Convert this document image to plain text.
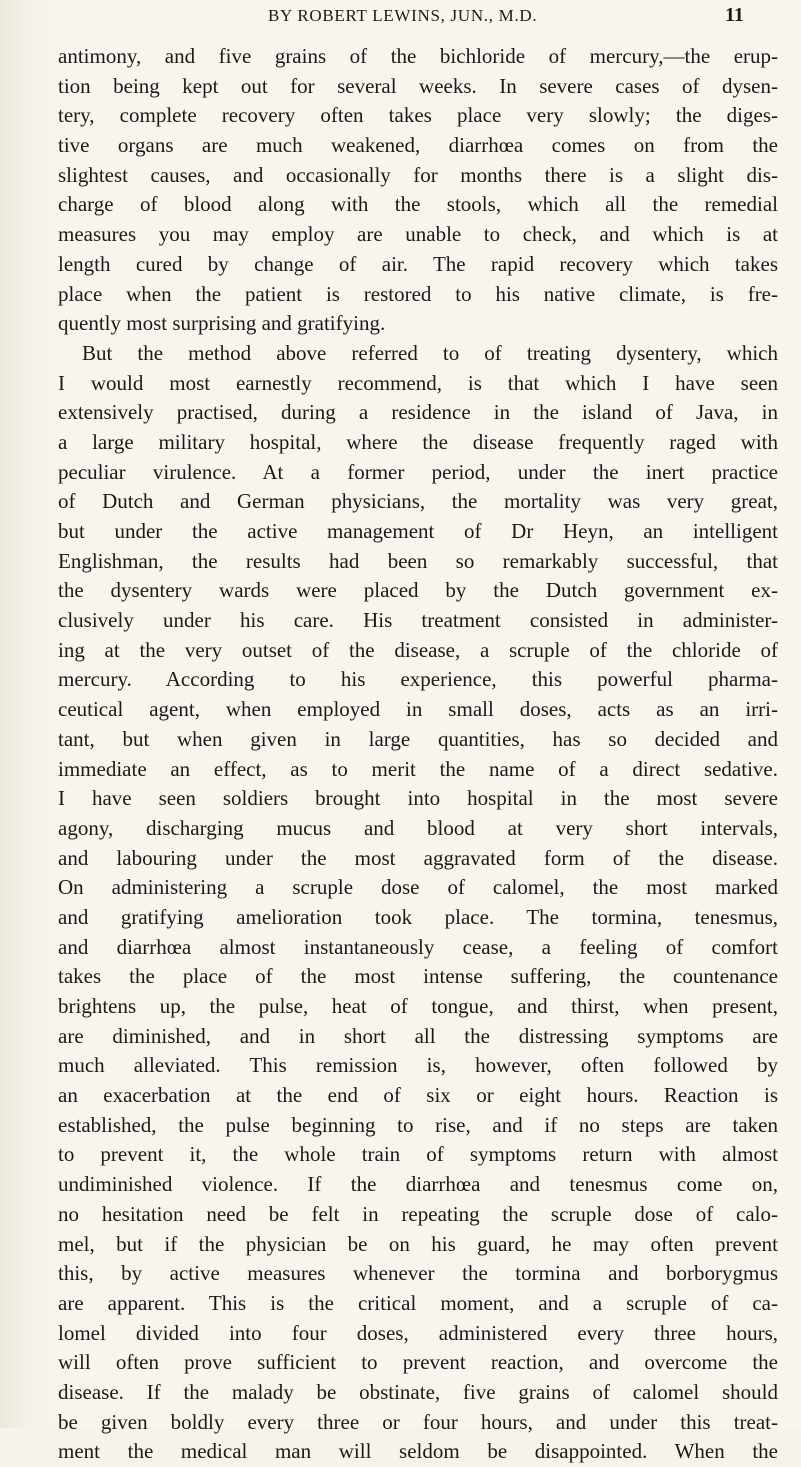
BY ROBERT LEWINS, JUN., M.D.	11
antimony, and five grains of the bichloride of mercury,—the erup-
tion being kept out for several weeks. In severe cases of dysen-
tery, complete recovery often takes place very slowly; the diges-
tive organs are much weakened, diarrhœa comes on from the
slightest causes, and occasionally for months there is a slight dis-
charge of blood along with the stools, which all the remedial
measures you may employ are unable to check, and which is at
length cured by change of air. The rapid recovery which takes
place when the patient is restored to his native climate, is fre-
quently most surprising and gratifying.
But the method above referred to of treating dysentery, which
I would most earnestly recommend, is that which I have seen
extensively practised, during a residence in the island of Java, in
a large military hospital, where the disease frequently raged with
peculiar virulence. At a former period, under the inert practice
of Dutch and German physicians, the mortality was very great,
but under the active management of Dr Heyn, an intelligent
Englishman, the results had been so remarkably successful, that
the dysentery wards were placed by the Dutch government ex-
clusively under his care. His treatment consisted in administer-
ing at the very outset of the disease, a scruple of the chloride of
mercury. According to his experience, this powerful pharma-
ceutical agent, when employed in small doses, acts as an irri-
tant, but when given in large quantities, has so decided and
immediate an effect, as to merit the name of a direct sedative.
I have seen soldiers brought into hospital in the most severe
agony, discharging mucus and blood at very short intervals,
and labouring under the most aggravated form of the disease.
On administering a scruple dose of calomel, the most marked
and gratifying amelioration took place. The tormina, tenesmus,
and diarrhœa almost instantaneously cease, a feeling of comfort
takes the place of the most intense suffering, the countenance
brightens up, the pulse, heat of tongue, and thirst, when present,
are diminished, and in short all the distressing symptoms are
much alleviated. This remission is, however, often followed by
an exacerbation at the end of six or eight hours. Reaction is
established, the pulse beginning to rise, and if no steps are taken
to prevent it, the whole train of symptoms return with almost
undiminished violence. If the diarrhœa and tenesmus come on,
no hesitation need be felt in repeating the scruple dose of calo-
mel, but if the physician be on his guard, he may often prevent
this, by active measures whenever the tormina and borborygmus
are apparent. This is the critical moment, and a scruple of ca-
lomel divided into four doses, administered every three hours,
will often prove sufficient to prevent reaction, and overcome the
disease. If the malady be obstinate, five grains of calomel should
be given boldly every three or four hours, and under this treat-
ment the medical man will seldom be disappointed. When the
